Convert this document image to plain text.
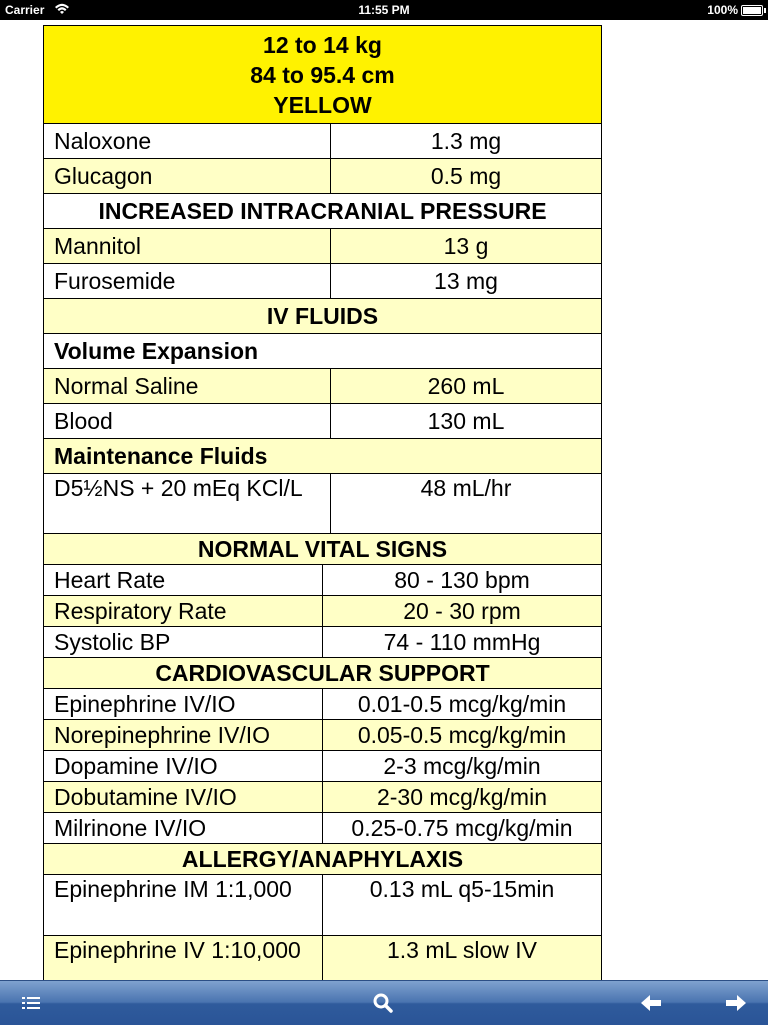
Carrier	11:55 PM	100%
12 to 14 kg
84 to 95.4 cm
YELLOW	

Naloxone	1.3 mg
Glucagon	0.5 mg
INCREASED INTRACRANIAL PRESSURE	
Mannitol	13 g
Furosemide	13 mg
IV FLUIDS	
Volume Expansion	
Normal Saline	260 mL
Blood	130 mL
Maintenance Fluids	
D5½NS + 20 mEq KCl/L	48 mL/hr
NORMAL VITAL SIGNS	
Heart Rate	80 - 130 bpm
Respiratory Rate	20 - 30 rpm
Systolic BP	74 - 110 mmHg
CARDIOVASCULAR SUPPORT	
Epinephrine IV/IO	0.01-0.5 mcg/kg/min
Norepinephrine IV/IO	0.05-0.5 mcg/kg/min
Dopamine IV/IO	2-3 mcg/kg/min
Dobutamine IV/IO	2-30 mcg/kg/min
Milrinone IV/IO	0.25-0.75 mcg/kg/min
ALLERGY/ANAPHYLAXIS	
Epinephrine IM 1:1,000	0.13 mL q5-15min
Epinephrine IV 1:10,000	1.3 mL slow IV
